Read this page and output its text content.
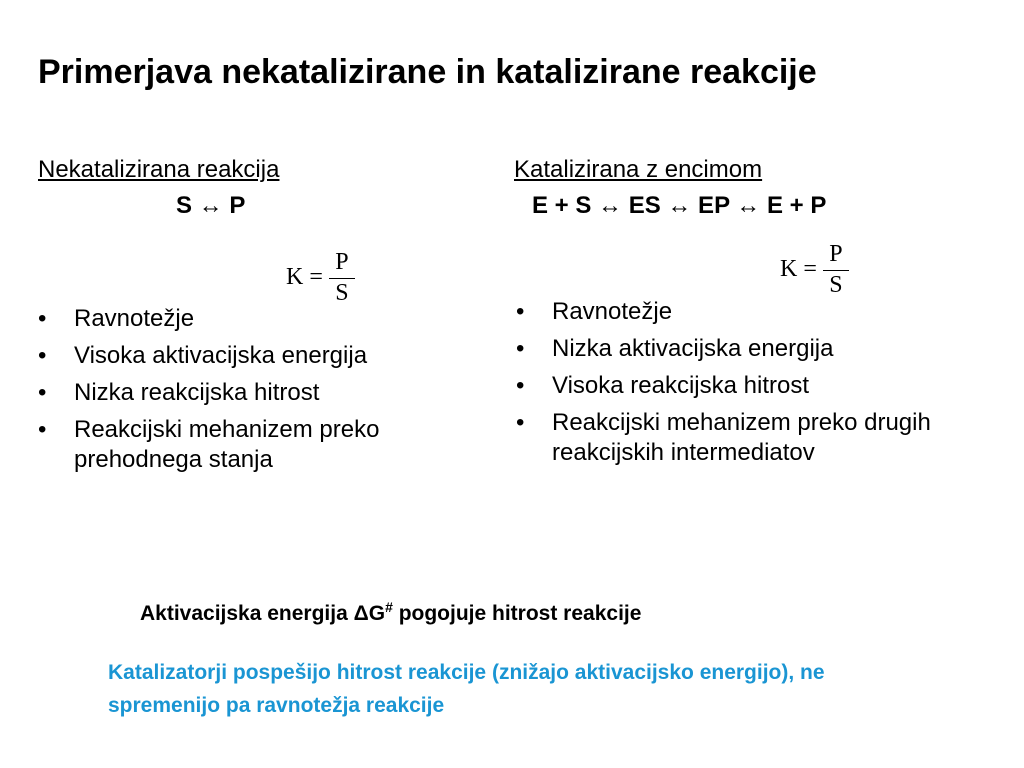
Primerjava nekatalizirane in katalizirane reakcije
Nekatalizirana reakcija
S ↔ P
$K = \frac{P}{S}$
• Ravnotežje
• Visoka aktivacijska energija
• Nizka reakcijska hitrost
• Reakcijski mehanizem preko prehodnega stanja
Katalizirana z encimom
E + S ↔ ES ↔ EP ↔ E + P
$K = \frac{P}{S}$
• Ravnotežje
• Nizka aktivacijska energija
• Visoka reakcijska hitrost
• Reakcijski mehanizem preko drugih reakcijskih intermediatov
Aktivacijska energija ΔG# pogojuje hitrost reakcije
Katalizatorji pospešijo hitrost reakcije (znižajo aktivacijsko energijo), ne spremenijo pa ravnotežja reakcije
